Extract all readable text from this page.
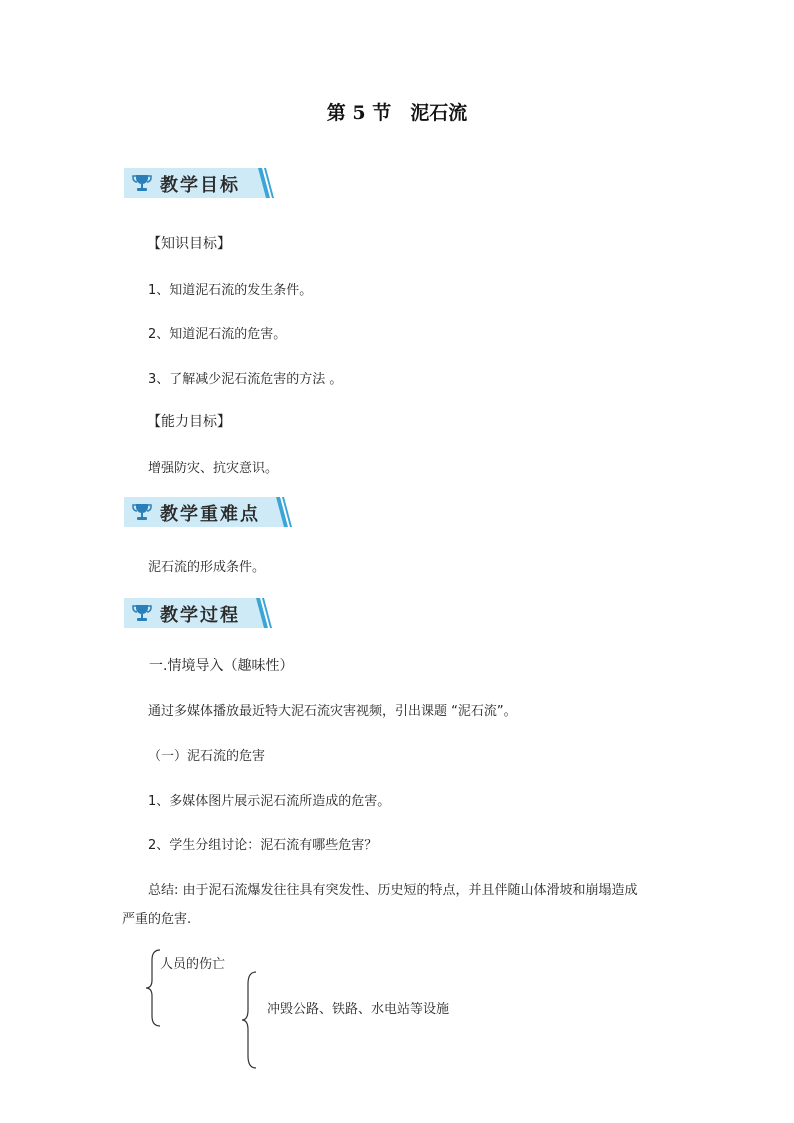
第 5 节　泥石流
教学目标
【知识目标】
1、知道泥石流的发生条件。
2、知道泥石流的危害。
3、了解减少泥石流危害的方法 。
【能力目标】
增强防灾、抗灾意识。
教学重难点
泥石流的形成条件。
教学过程
一.情境导入（趣味性）
通过多媒体播放最近特大泥石流灾害视频，引出课题 “泥石流”。
（一）泥石流的危害
1、多媒体图片展示泥石流所造成的危害。
2、学生分组讨论：泥石流有哪些危害？
总结: 由于泥石流爆发往往具有突发性、历史短的特点，并且伴随山体滑坡和崩塌造成
严重的危害.
人员的伤亡
冲毁公路、铁路、水电站等设施
